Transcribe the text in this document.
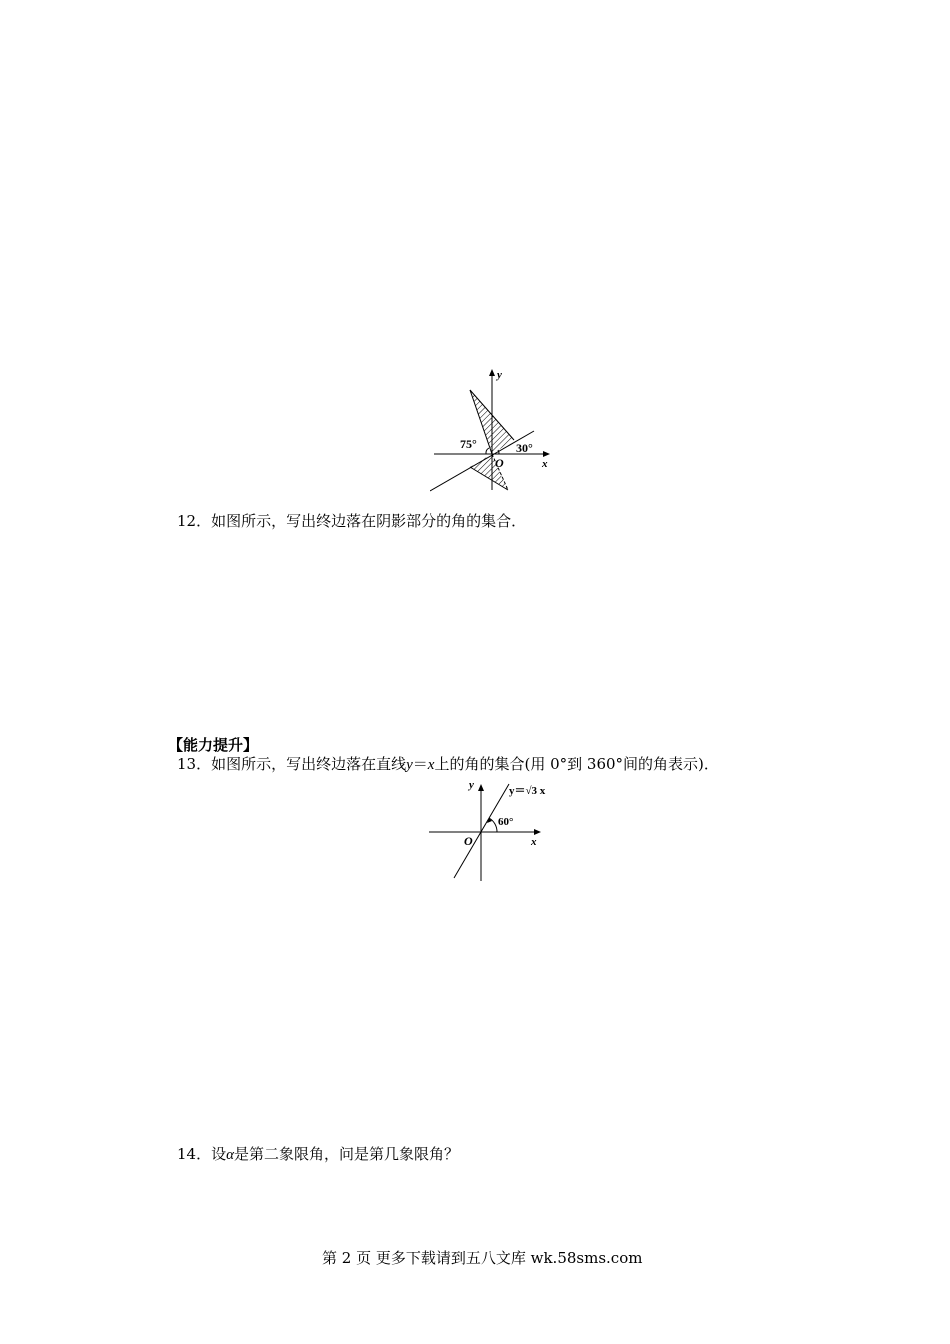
y
x
O
75°	30°
12．如图所示，写出终边落在阴影部分的角的集合．
【能力提升】
13．如图所示，写出终边落在直线y＝x上的角的集合(用 0°到 360°间的角表示)．
y	y＝√3 x
60°
O	x
14．设α是第二象限角，问是第几象限角？
第 2 页 更多下载请到五八文库 wk.58sms.com
